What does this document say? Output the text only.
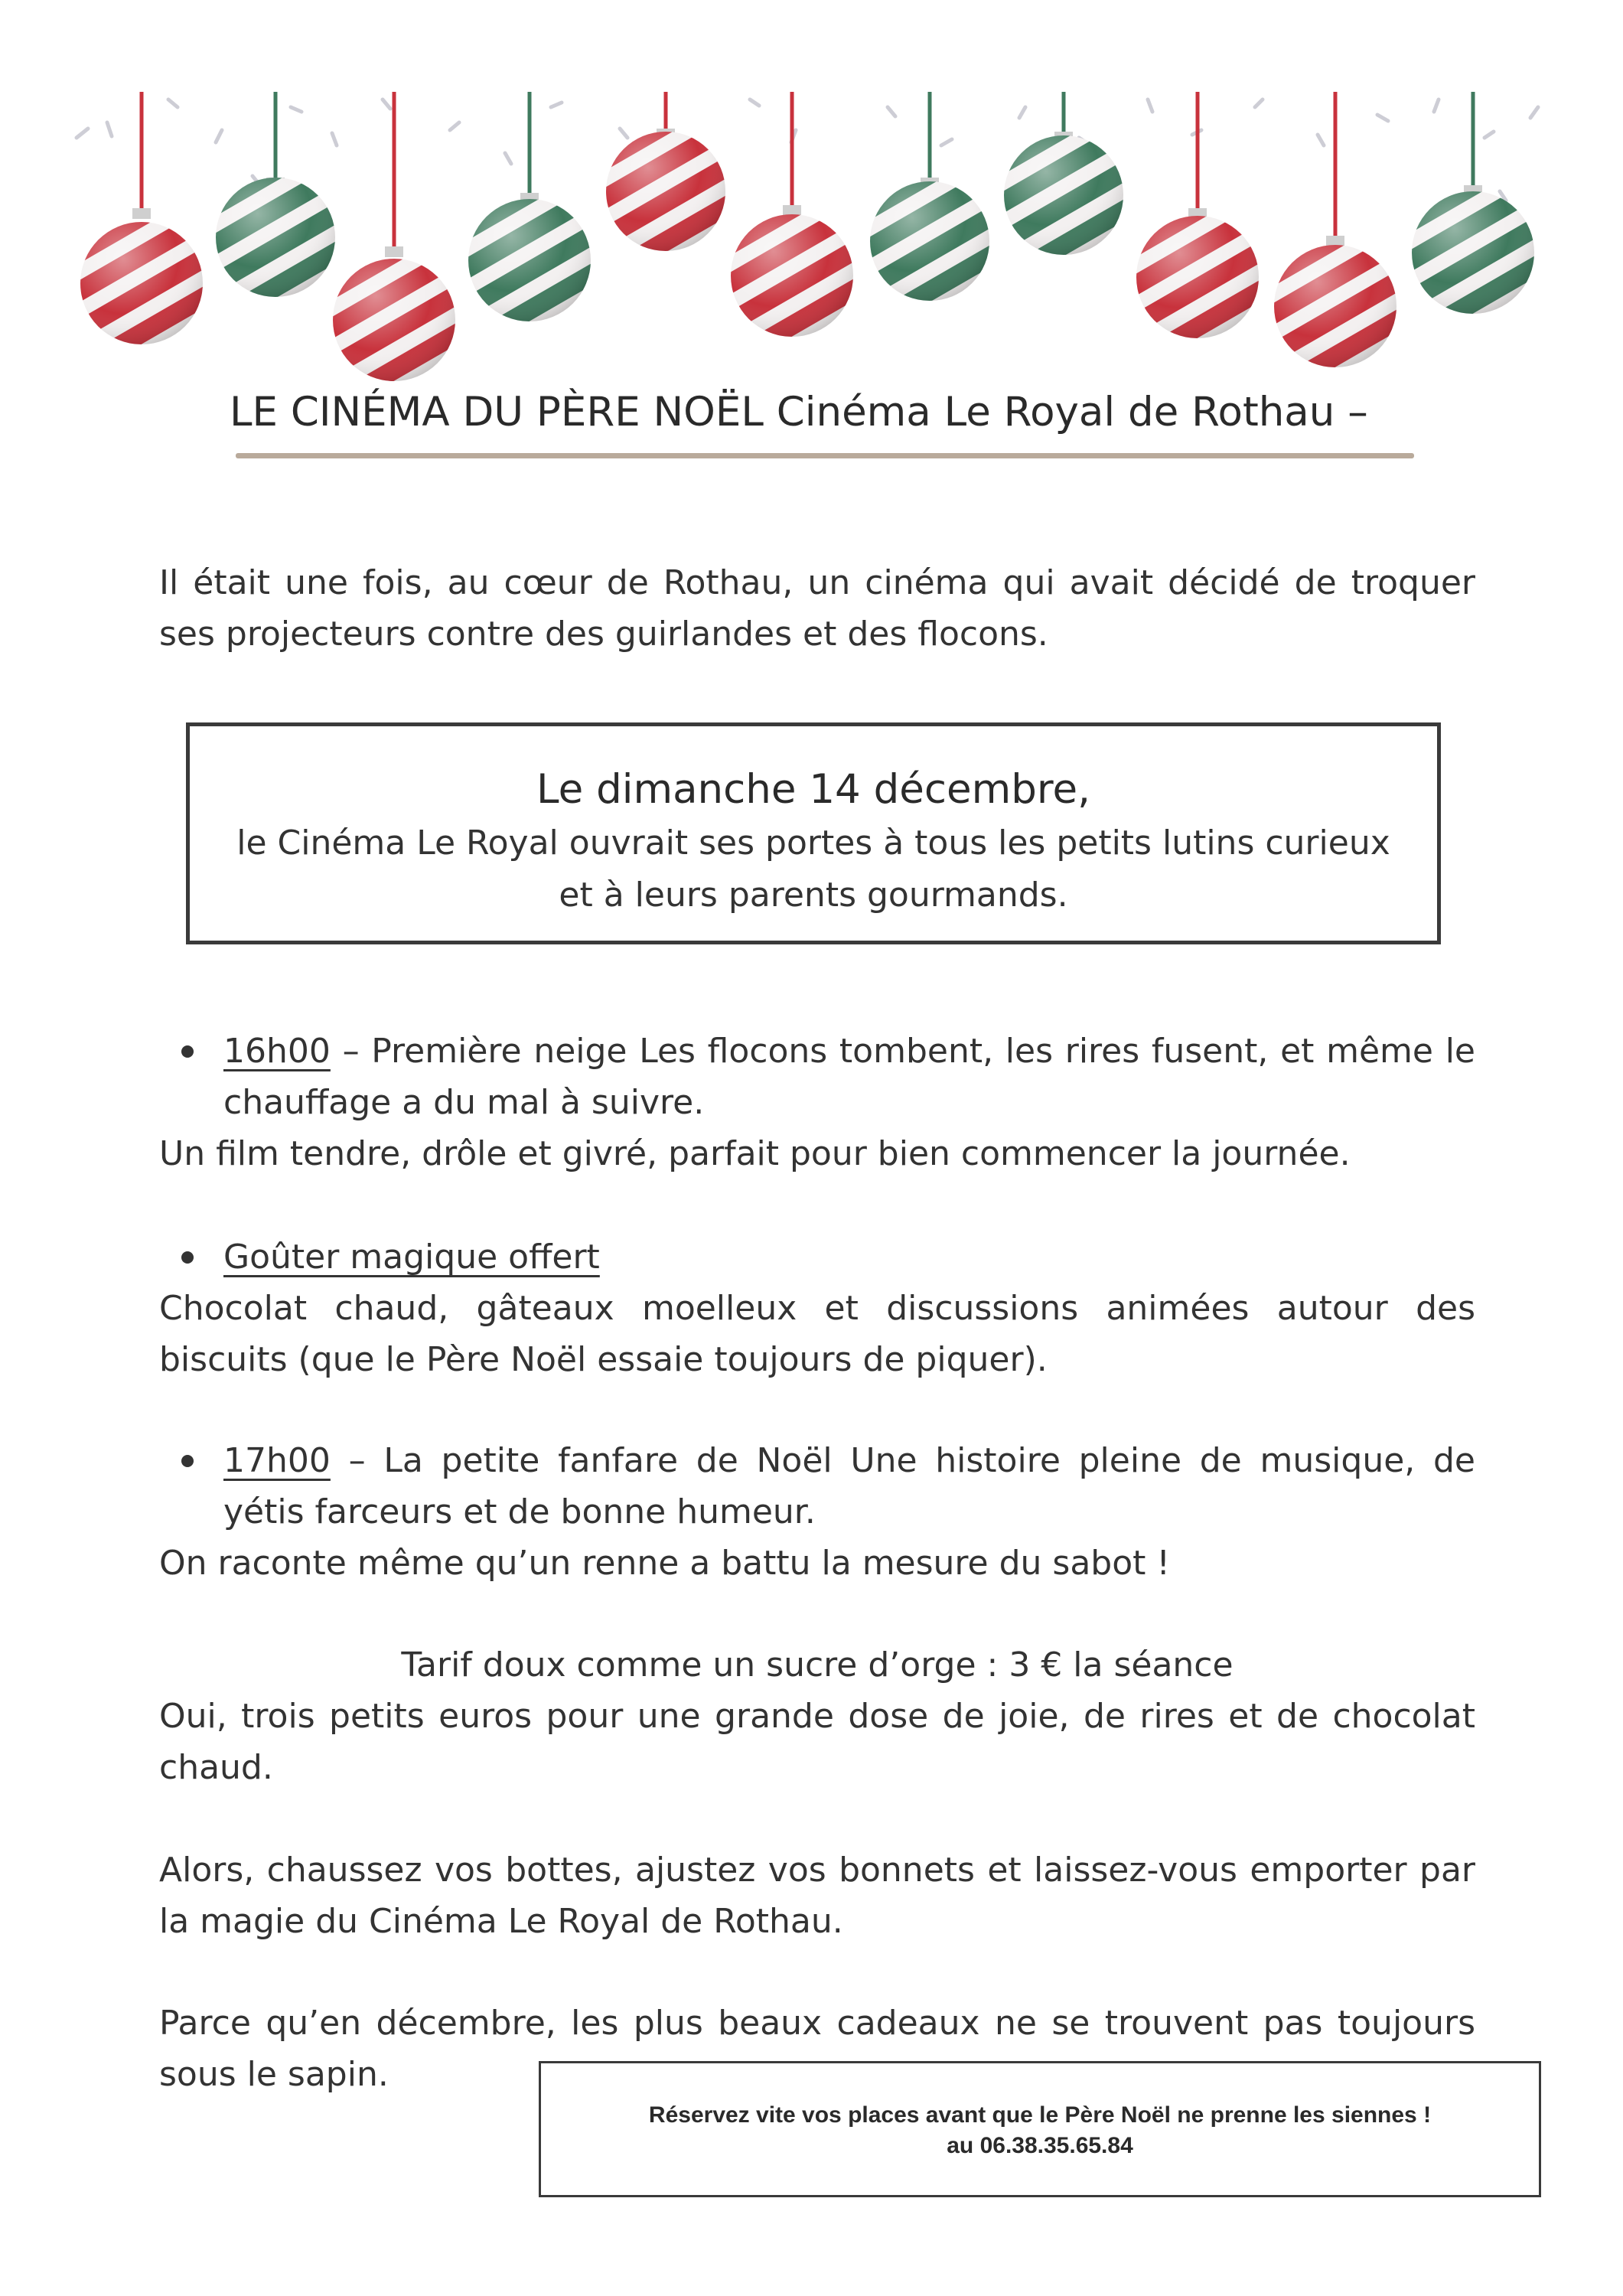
LE CINÉMA DU PÈRE NOËL Cinéma Le Royal de Rothau –
Il était une fois, au cœur de Rothau, un cinéma qui avait décidé de troquer ses projecteurs contre des guirlandes et des flocons.
Le dimanche 14 décembre,
le Cinéma Le Royal ouvrait ses portes à tous les petits lutins curieux
et à leurs parents gourmands.
16h00 – Première neige Les flocons tombent, les rires fusent, et même le chauffage a du mal à suivre.
Un film tendre, drôle et givré, parfait pour bien commencer la journée.
Goûter magique offert
Chocolat chaud, gâteaux moelleux et discussions animées autour des biscuits (que le Père Noël essaie toujours de piquer).
17h00 – La petite fanfare de Noël Une histoire pleine de musique, de yétis farceurs et de bonne humeur.
On raconte même qu’un renne a battu la mesure du sabot !
Tarif doux comme un sucre d’orge : 3 € la séance
Oui, trois petits euros pour une grande dose de joie, de rires et de chocolat chaud.
Alors, chaussez vos bottes, ajustez vos bonnets et laissez-vous emporter par la magie du Cinéma Le Royal de Rothau.
Parce qu’en décembre, les plus beaux cadeaux ne se trouvent pas toujours sous le sapin.
Réservez vite vos places avant que le Père Noël ne prenne les siennes !
au 06.38.35.65.84
